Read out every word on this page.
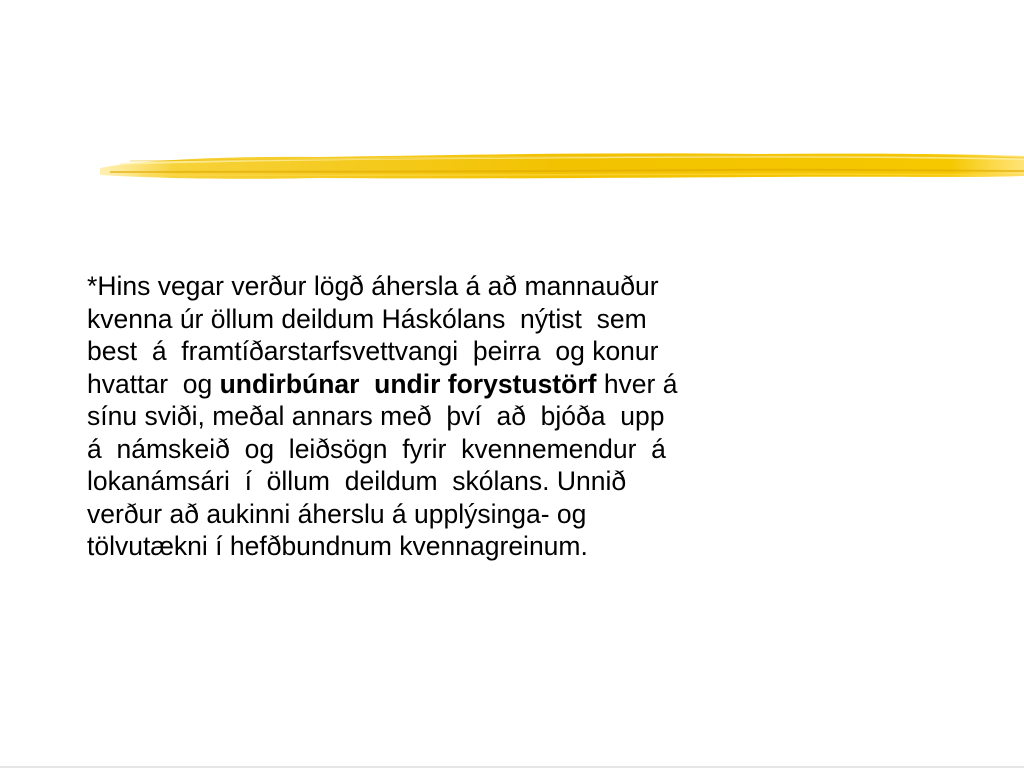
*Hins vegar verður lögð áhersla á að mannauður
kvenna úr öllum deildum Háskólans  nýtist  sem
best  á  framtíðarstarfsvettvangi  þeirra  og konur
hvattar  og undirbúnar  undir forystustörf hver á
sínu sviði, meðal annars með  því  að  bjóða  upp
á  námskeið  og  leiðsögn  fyrir  kvennemendur  á
lokanámsári  í  öllum  deildum  skólans. Unnið
verður að aukinni áherslu á upplýsinga- og
tölvutækni í hefðbundnum kvennagreinum.
